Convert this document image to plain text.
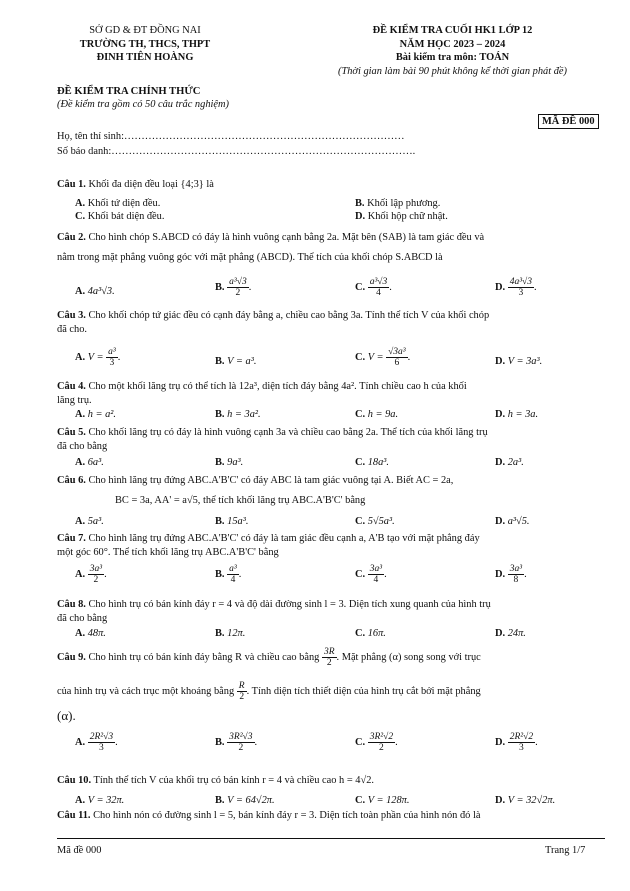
SỞ GD & ĐT ĐỒNG NAI
TRƯỜNG TH, THCS, THPT
ĐINH TIÊN HOÀNG
ĐỀ KIỂM TRA CUỐI HK1 LỚP 12
NĂM HỌC 2023 – 2024
Bài kiểm tra môn: TOÁN
(Thời gian làm bài 90 phút không kể thời gian phát đề)
ĐỀ KIỂM TRA CHÍNH THỨC
(Đề kiểm tra gồm có 50 câu trắc nghiệm)
MÃ ĐỀ 000
Họ, tên thí sinh:………………………………………………………………………
Số báo danh:…………………………………………………………………………….
Câu 1. Khối đa diện đều loại {4;3} là
A. Khối tứ diện đều.	B. Khối lập phương.
C. Khối bát diện đều.	D. Khối hộp chữ nhật.
Câu 2. Cho hình chóp S.ABCD có đáy là hình vuông cạnh bằng 2a. Mặt bên (SAB) là tam giác đều và
nằm trong mặt phẳng vuông góc với mặt phẳng (ABCD). Thể tích của khối chóp S.ABCD là
A. 4a³√3.	B. $\frac{\text{a³√3}}{2}$ .	C. $\frac{\text{a³√3}}{4}$ .	D. $\frac{\text{4a³√3}}{3}$ .
Câu 3. Cho khối chóp tứ giác đều có cạnh đáy bằng a, chiều cao bằng 3a. Tính thể tích V của khối chóp
đã cho.
A. $V = \frac{\text{a³}}{3}$ .	B. V = a³.	C. $V = \frac{\text{√3a³}}{6}$ .	D. V = 3a³.
Câu 4. Cho một khối lăng trụ có thể tích là 12a³, diện tích đáy bằng 4a². Tính chiều cao h của khối
lăng trụ.
A. h = a².	B. h = 3a².	C. h = 9a.	D. h = 3a.
Câu 5. Cho khối lăng trụ có đáy là hình vuông cạnh 3a và chiều cao bằng 2a. Thể tích của khối lăng trụ
đã cho bằng
A. 6a³.	B. 9a³.	C. 18a³.	D. 2a³.
Câu 6. Cho hình lăng trụ đứng ABC.A'B'C' có đáy ABC là tam giác vuông tại A. Biết AC = 2a,
BC = 3a, AA' = a√5, thể tích khối lăng trụ ABC.A'B'C' bằng
A. 5a³.	B. 15a³.	C. 5√5a³.	D. a³√5.
Câu 7. Cho hình lăng trụ đứng ABC.A'B'C' có đáy là tam giác đều cạnh a, A'B tạo với mặt phẳng đáy
một góc 60°. Thể tích khối lăng trụ ABC.A'B'C' bằng
A. $\frac{\text{3a³}}{2}$ .	B. $\frac{\text{a³}}{4}$ .	C. $\frac{\text{3a³}}{4}$ .	D. $\frac{\text{3a³}}{8}$ .
Câu 8. Cho hình trụ có bán kính đáy r = 4 và độ dài đường sinh l = 3. Diện tích xung quanh của hình trụ
đã cho bằng
A. 48π.	B. 12π.	C. 16π.	D. 24π.
Câu 9. Cho hình trụ có bán kính đáy bằng R và chiều cao bằng $\frac{3R}{2}$ . Mặt phẳng (α) song song với trục
của hình trụ và cách trục một khoảng bằng $\frac{R}{2}$ . Tính diện tích thiết diện của hình trụ cắt bởi mặt phẳng
(α).
A. $\frac{\text{2R²√3}}{3}$ .	B. $\frac{\text{3R²√3}}{2}$ .	C. $\frac{\text{3R²√2}}{2}$ .	D. $\frac{\text{2R²√2}}{3}$ .
Câu 10. Tính thể tích V của khối trụ có bán kính r = 4 và chiều cao h = 4√2.
A. V = 32π.	B. V = 64√2π.	C. V = 128π.	D. V = 32√2π.
Câu 11. Cho hình nón có đường sinh l = 5, bán kính đáy r = 3. Diện tích toàn phần của hình nón đó là
Mã đề 000	Trang 1/7
